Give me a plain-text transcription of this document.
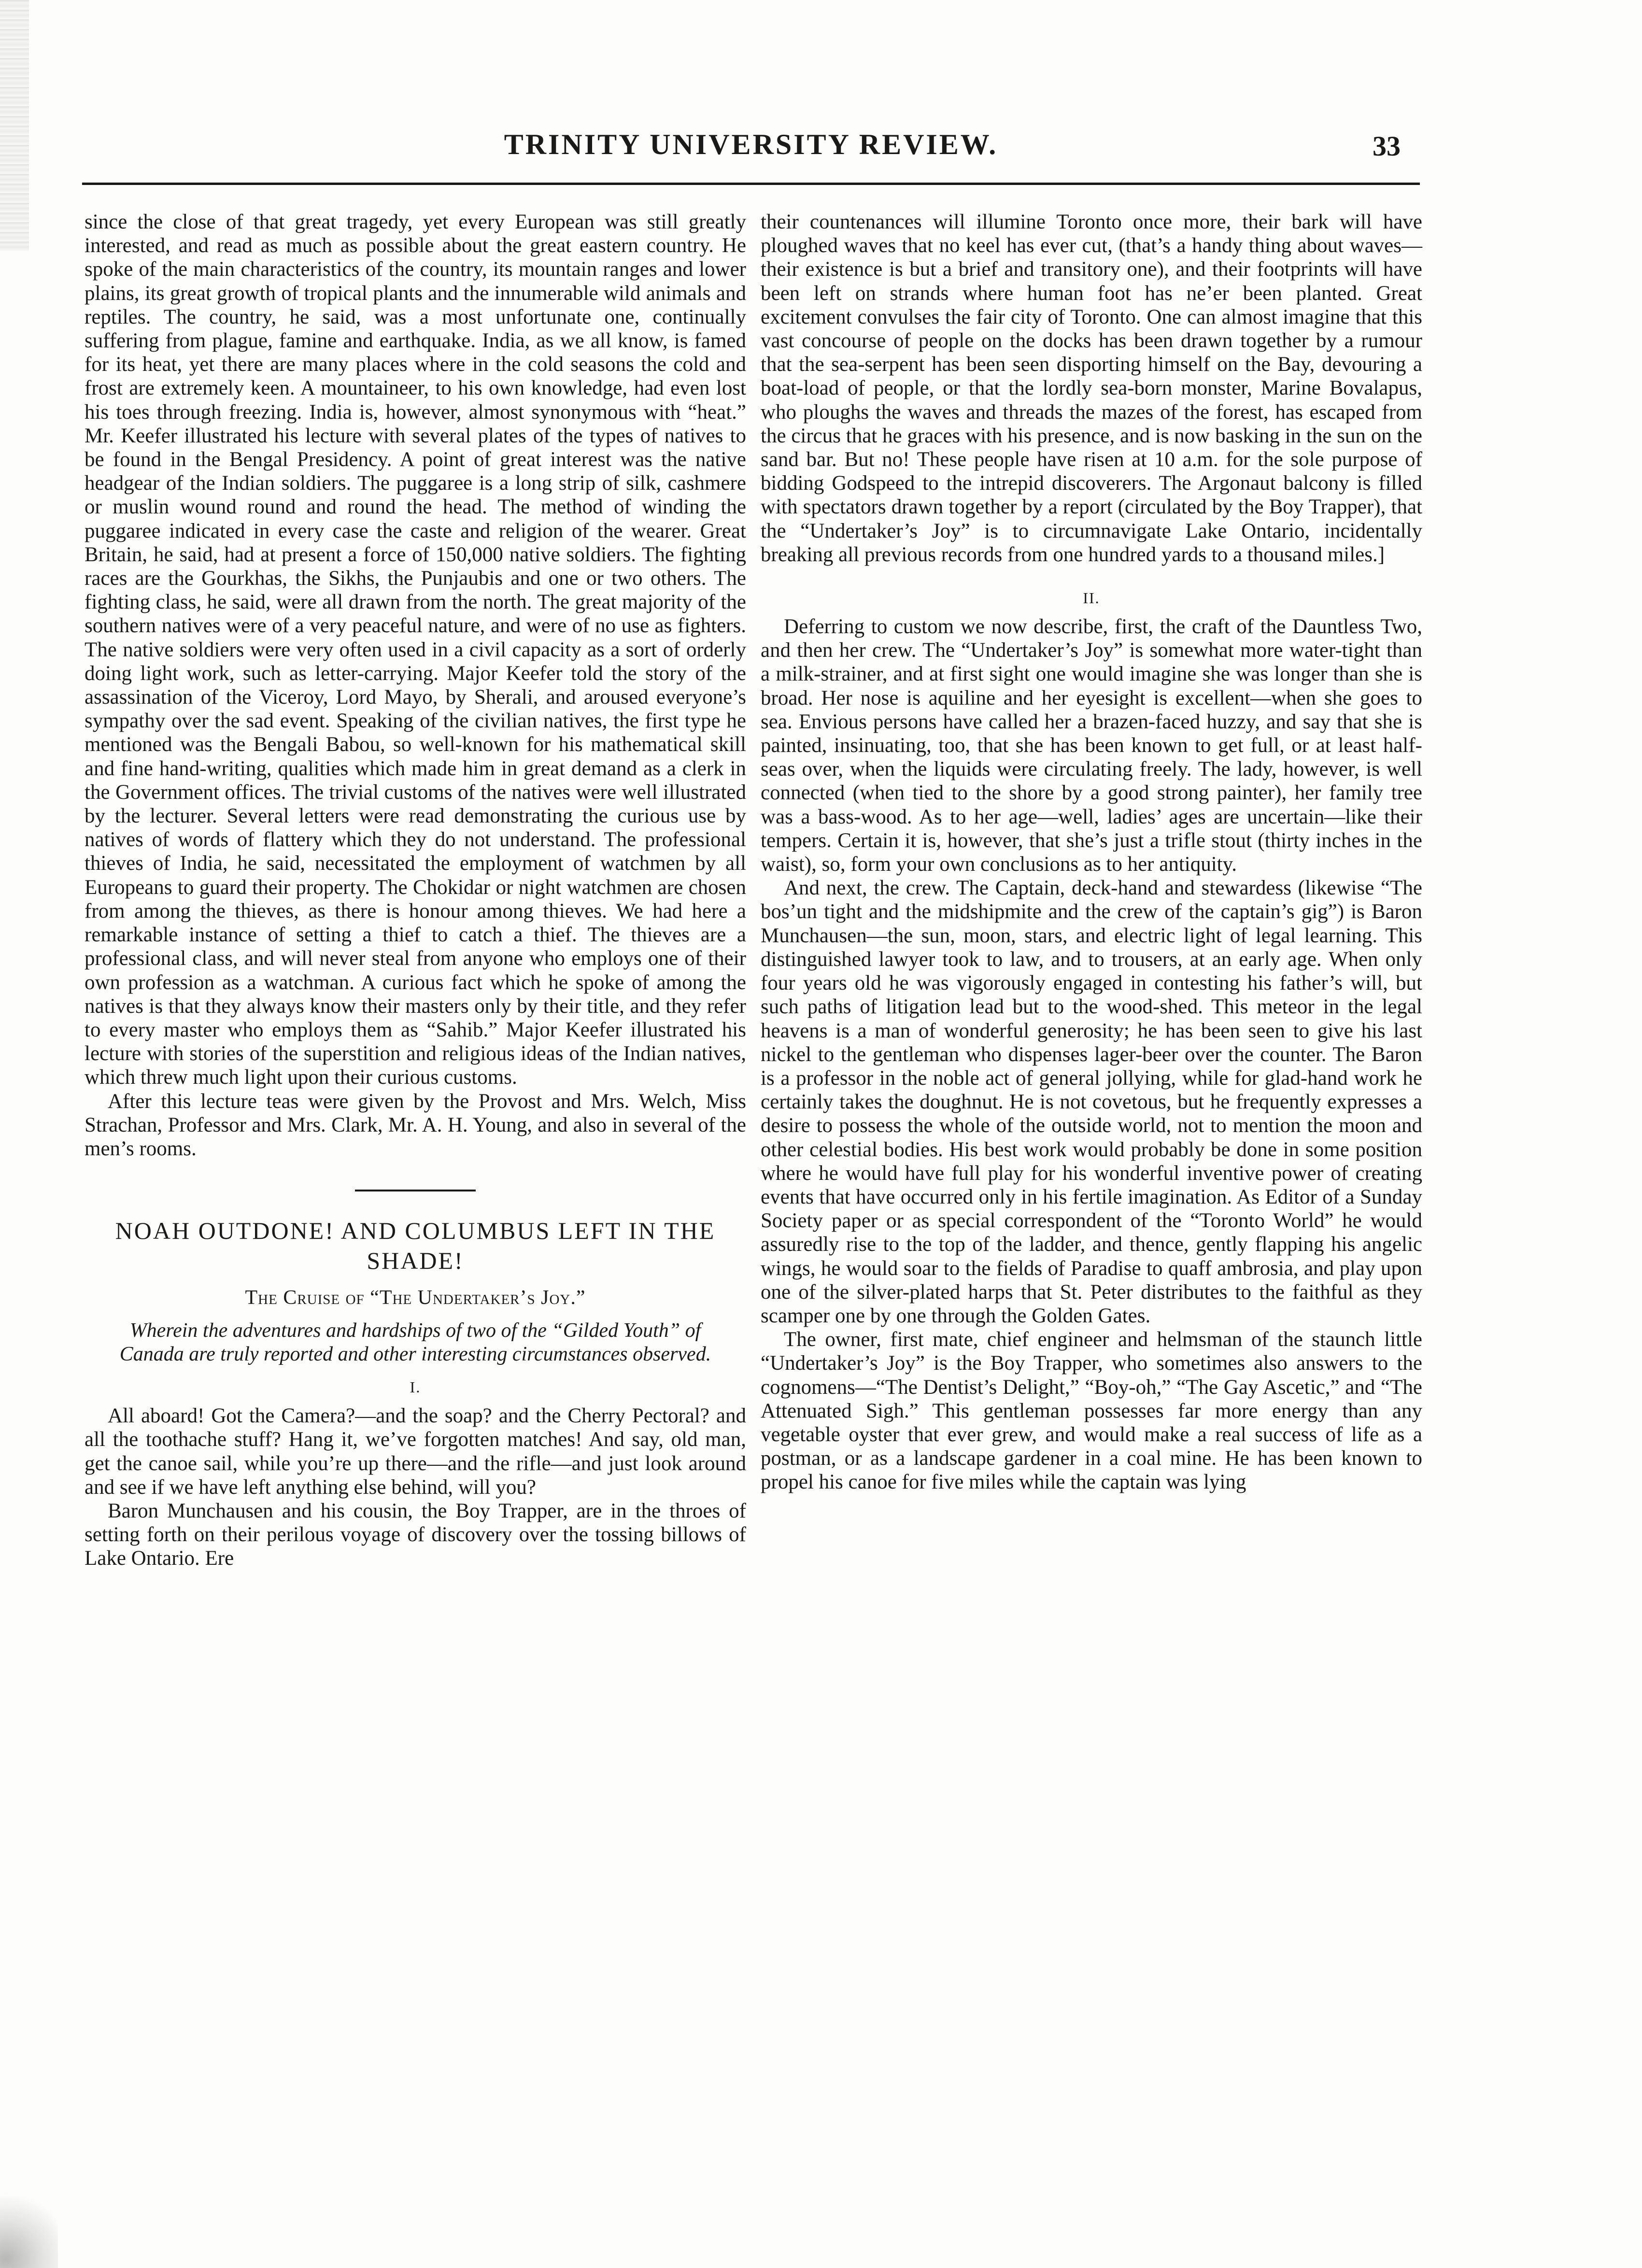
TRINITY UNIVERSITY REVIEW.	33

since the close of that great tragedy, yet every European was still greatly interested, and read as much as possible about the great eastern country. He spoke of the main characteristics of the country, its mountain ranges and lower plains, its great growth of tropical plants and the innumerable wild animals and reptiles. The country, he said, was a most unfortunate one, continually suffering from plague, famine and earthquake. India, as we all know, is famed for its heat, yet there are many places where in the cold seasons the cold and frost are extremely keen. A mountaineer, to his own knowledge, had even lost his toes through freezing. India is, however, almost synonymous with “heat.” Mr. Keefer illustrated his lecture with several plates of the types of natives to be found in the Bengal Presidency. A point of great interest was the native headgear of the Indian soldiers. The puggaree is a long strip of silk, cashmere or muslin wound round and round the head. The method of winding the puggaree indicated in every case the caste and religion of the wearer. Great Britain, he said, had at present a force of 150,000 native soldiers. The fighting races are the Gourkhas, the Sikhs, the Punjaubis and one or two others. The fighting class, he said, were all drawn from the north. The great majority of the southern natives were of a very peaceful nature, and were of no use as fighters. The native soldiers were very often used in a civil capacity as a sort of orderly doing light work, such as letter-carrying. Major Keefer told the story of the assassination of the Viceroy, Lord Mayo, by Sherali, and aroused everyone’s sympathy over the sad event. Speaking of the civilian natives, the first type he mentioned was the Bengali Babou, so well-known for his mathematical skill and fine hand-writing, qualities which made him in great demand as a clerk in the Government offices. The trivial customs of the natives were well illustrated by the lecturer. Several letters were read demonstrating the curious use by natives of words of flattery which they do not understand. The professional thieves of India, he said, necessitated the employment of watchmen by all Europeans to guard their property. The Chokidar or night watchmen are chosen from among the thieves, as there is honour among thieves. We had here a remarkable instance of setting a thief to catch a thief. The thieves are a professional class, and will never steal from anyone who employs one of their own profession as a watchman. A curious fact which he spoke of among the natives is that they always know their masters only by their title, and they refer to every master who employs them as “Sahib.” Major Keefer illustrated his lecture with stories of the superstition and religious ideas of the Indian natives, which threw much light upon their curious customs.

After this lecture teas were given by the Provost and Mrs. Welch, Miss Strachan, Professor and Mrs. Clark, Mr. A. H. Young, and also in several of the men’s rooms.

NOAH OUTDONE! AND COLUMBUS LEFT IN THE SHADE!
The Cruise of “The Undertaker’s Joy.”
Wherein the adventures and hardships of two of the “Gilded Youth” of Canada are truly reported and other interesting circumstances observed.
I.

All aboard! Got the Camera?—and the soap? and the Cherry Pectoral? and all the toothache stuff? Hang it, we’ve forgotten matches! And say, old man, get the canoe sail, while you’re up there—and the rifle—and just look around and see if we have left anything else behind, will you?

Baron Munchausen and his cousin, the Boy Trapper, are in the throes of setting forth on their perilous voyage of discovery over the tossing billows of Lake Ontario. Ere

their countenances will illumine Toronto once more, their bark will have ploughed waves that no keel has ever cut, (that’s a handy thing about waves—their existence is but a brief and transitory one), and their footprints will have been left on strands where human foot has ne’er been planted. Great excitement convulses the fair city of Toronto. One can almost imagine that this vast concourse of people on the docks has been drawn together by a rumour that the sea-serpent has been seen disporting himself on the Bay, devouring a boat-load of people, or that the lordly sea-born monster, Marine Bovalapus, who ploughs the waves and threads the mazes of the forest, has escaped from the circus that he graces with his presence, and is now basking in the sun on the sand bar. But no! These people have risen at 10 a.m. for the sole purpose of bidding Godspeed to the intrepid discoverers. The Argonaut balcony is filled with spectators drawn together by a report (circulated by the Boy Trapper), that the “Undertaker’s Joy” is to circumnavigate Lake Ontario, incidentally breaking all previous records from one hundred yards to a thousand miles.]

II.

Deferring to custom we now describe, first, the craft of the Dauntless Two, and then her crew. The “Undertaker’s Joy” is somewhat more water-tight than a milk-strainer, and at first sight one would imagine she was longer than she is broad. Her nose is aquiline and her eyesight is excellent—when she goes to sea. Envious persons have called her a brazen-faced huzzy, and say that she is painted, insinuating, too, that she has been known to get full, or at least half-seas over, when the liquids were circulating freely. The lady, however, is well connected (when tied to the shore by a good strong painter), her family tree was a bass-wood. As to her age—well, ladies’ ages are uncertain—like their tempers. Certain it is, however, that she’s just a trifle stout (thirty inches in the waist), so, form your own conclusions as to her antiquity.

And next, the crew. The Captain, deck-hand and stewardess (likewise “The bos’un tight and the midshipmite and the crew of the captain’s gig”) is Baron Munchausen—the sun, moon, stars, and electric light of legal learning. This distinguished lawyer took to law, and to trousers, at an early age. When only four years old he was vigorously engaged in contesting his father’s will, but such paths of litigation lead but to the wood-shed. This meteor in the legal heavens is a man of wonderful generosity; he has been seen to give his last nickel to the gentleman who dispenses lager-beer over the counter. The Baron is a professor in the noble act of general jollying, while for glad-hand work he certainly takes the doughnut. He is not covetous, but he frequently expresses a desire to possess the whole of the outside world, not to mention the moon and other celestial bodies. His best work would probably be done in some position where he would have full play for his wonderful inventive power of creating events that have occurred only in his fertile imagination. As Editor of a Sunday Society paper or as special correspondent of the “Toronto World” he would assuredly rise to the top of the ladder, and thence, gently flapping his angelic wings, he would soar to the fields of Paradise to quaff ambrosia, and play upon one of the silver-plated harps that St. Peter distributes to the faithful as they scamper one by one through the Golden Gates.

The owner, first mate, chief engineer and helmsman of the staunch little “Undertaker’s Joy” is the Boy Trapper, who sometimes also answers to the cognomens—“The Dentist’s Delight,” “Boy-oh,” “The Gay Ascetic,” and “The Attenuated Sigh.” This gentleman possesses far more energy than any vegetable oyster that ever grew, and would make a real success of life as a postman, or as a landscape gardener in a coal mine. He has been known to propel his canoe for five miles while the captain was lying
